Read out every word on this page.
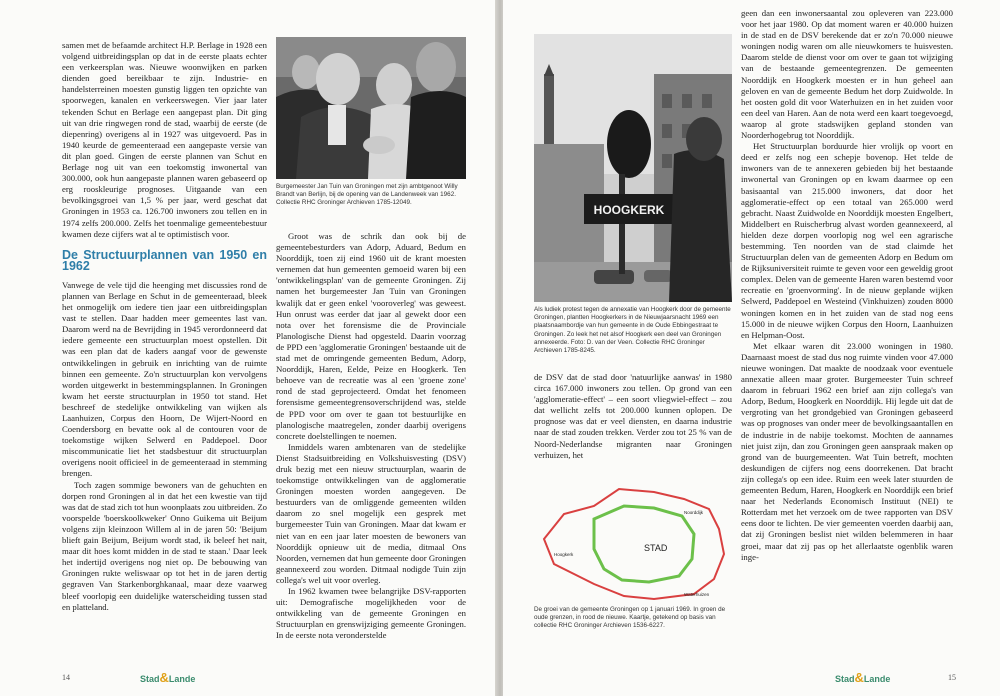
samen met de befaamde architect H.P. Berlage in 1928 een volgend uitbreidingsplan op dat in de eerste plaats echter een verkeersplan was. Nieuwe woonwijken en parken dienden goed bereikbaar te zijn. Industrie- en handelsterreinen moesten gunstig liggen ten opzichte van spoorwegen, kanalen en verkeerswegen. Vier jaar later tekenden Schut en Berlage een aangepast plan. Dit ging uit van drie ringwegen rond de stad, waarbij de eerste (de diepenring) overigens al in 1927 was uitgevoerd. Pas in 1940 keurde de gemeenteraad een aangepaste versie van dit plan goed. Gingen de eerste plannen van Schut en Berlage nog uit van een toekomstig inwonertal van 300.000, ook hun aangepaste plannen waren gebaseerd op erg rooskleurige prognoses. Uitgaande van een bevolkingsgroei van 1,5 % per jaar, werd geschat dat Groningen in 1953 ca. 126.700 inwoners zou tellen en in 1974 zelfs 200.000. Zelfs het toenmalige gemeentebestuur kwamen deze cijfers wat al te optimistisch voor.

De Structuurplannen van 1950 en 1962

Vanwege de vele tijd die heenging met discussies rond de plannen van Berlage en Schut in de gemeenteraad, bleek het onmogelijk om iedere tien jaar een uitbreidingsplan vast te stellen. Daar hadden meer gemeentes last van. Daarom werd na de Bevrijding in 1945 verordonneerd dat iedere gemeente een structuurplan moest opstellen. Dit was een plan dat de kaders aangaf voor de gewenste ontwikkelingen in gebruik en inrichting van de ruimte binnen een gemeente. Zo'n structuurplan kon vervolgens worden uitgewerkt in bestemmingsplannen. In Groningen kwam het eerste structuurplan in 1950 tot stand. Het beschreef de stedelijke ontwikkeling van wijken als Laanhuizen, Corpus den Hoorn, De Wijert-Noord en Coendersborg en bevatte ook al de contouren voor de toekomstige wijken Selwerd en Paddepoel. Door miscommunicatie liet het stadsbestuur dit structuurplan overigens nooit officieel in de gemeenteraad in stemming brengen.

Toch zagen sommige bewoners van de gehuchten en dorpen rond Groningen al in dat het een kwestie van tijd was dat de stad zich tot hun woonplaats zou uitbreiden. Zo voorspelde 'boerskoolkweker' Onno Guikema uit Beijum volgens zijn kleinzoon Willem al in de jaren 50: 'Beijum blieft gain Beijum, Beijum wordt stad, ik beleef het nait, maar dit hoes komt midden in de stad te staan.' Daar leek het indertijd overigens nog niet op. De bebouwing van Groningen rukte weliswaar op tot het in de jaren dertig gegraven Van Starkenborghkanaal, maar deze vaarweg bleef voorlopig een duidelijke waterscheiding tussen stad en platteland.

Burgemeester Jan Tuin van Groningen met zijn ambtgenoot Willy Brandt van Berlijn, bij de opening van de Landenweek van 1962. Collectie RHC Groninger Archieven 1785-12049.

Groot was de schrik dan ook bij de gemeentebesturders van Adorp, Aduard, Bedum en Noorddijk, toen zij eind 1960 uit de krant moesten vernemen dat hun gemeenten gemoeid waren bij een 'ontwikkelingsplan' van de gemeente Groningen. Zij namen het burgemeester Jan Tuin van Groningen kwalijk dat er geen enkel 'vooroverleg' was geweest. Hun onrust was eerder dat jaar al gewekt door een nota over het forensisme die de Provinciale Planologische Dienst had opgesteld. Daarin voorzag de PPD een 'agglomeratie Groningen' bestaande uit de stad met de omringende gemeenten Bedum, Adorp, Noorddijk, Haren, Eelde, Peize en Hoogkerk. Ten behoeve van de recreatie was al een 'groene zone' rond de stad geprojecteerd. Omdat het fenomeen forensisme gemeentegrensoverschrijdend was, stelde de PPD voor om over te gaan tot bestuurlijke en planologische maatregelen, zonder daarbij overigens concrete doelstellingen te noemen.

Inmiddels waren ambtenaren van de stedelijke Dienst Stadsuitbreiding en Volkshuisvesting (DSV) druk bezig met een nieuw structuurplan, waarin de toekomstige ontwikkelingen van de agglomeratie Groningen moesten worden aangegeven. De bestuurders van de omliggende gemeenten wilden daarom zo snel mogelijk een gesprek met burgemeester Tuin van Groningen. Maar dat kwam er niet van en een jaar later moesten de bewoners van Noorddijk opnieuw uit de media, ditmaal Ons Noorden, vernemen dat hun gemeente door Groningen geannexeerd zou worden. Ditmaal nodigde Tuin zijn collega's wel uit voor overleg.

In 1962 kwamen twee belangrijke DSV-rapporten uit: Demografische mogelijkheden voor de ontwikkeling van de gemeente Groningen en Structuurplan en grenswijziging gemeente Groningen. In de eerste nota veronderstelde

14	Stad&Lande
HOOGKERK
Als ludiek protest tegen de annexatie van Hoogkerk door de gemeente Groningen, plantten Hoogkerkers in de Nieuwjaarsnacht 1969 een plaatsnaambordje van hun gemeente in de Oude Ebbingestraat te Groningen. Zo leek het net alsof Hoogkerk een deel van Groningen annexeerde. Foto: D. van der Veen. Collectie RHC Groninger Archieven 1785-8245.

de DSV dat de stad door 'natuurlijke aanwas' in 1980 circa 167.000 inwoners zou tellen. Op grond van een 'agglomeratie-effect' – een soort vliegwiel-effect – zou dat wellicht zelfs tot 200.000 kunnen oplopen. De prognose was dat er veel diensten, en daarna industrie naar de stad zouden trekken. Verder zou tot 25 % van de Noord-Nederlandse migranten naar Groningen verhuizen, het

STAD
Hoogkerk
Noorddijk
Waterhuizen
De groei van de gemeente Groningen op 1 januari 1969. In groen de oude grenzen, in rood de nieuwe. Kaartje, getekend op basis van collectie RHC Groninger Archieven 1536-6227.

geen dan een inwonersaantal zou opleveren van 223.000 voor het jaar 1980. Op dat moment waren er 40.000 huizen in de stad en de DSV berekende dat er zo'n 70.000 nieuwe woningen nodig waren om alle nieuwkomers te huisvesten. Daarom stelde de dienst voor om over te gaan tot wijziging van de bestaande gemeentegrenzen. De gemeenten Noorddijk en Hoogkerk moesten er in hun geheel aan geloven en van de gemeente Bedum het dorp Zuidwolde. In het oosten gold dit voor Waterhuizen en in het zuiden voor een deel van Haren. Aan de nota werd een kaart toegevoegd, waarop al grote stadswijken gepland stonden van Noorderhogebrug tot Noorddijk.

Het Structuurplan borduurde hier vrolijk op voort en deed er zelfs nog een schepje bovenop. Het telde de inwoners van de te annexeren gebieden bij het bestaande inwonertal van Groningen op en kwam daarmee op een basisaantal van 215.000 inwoners, dat door het agglomeratie-effect op een totaal van 265.000 werd gebracht. Naast Zuidwolde en Noorddijk moesten Engelbert, Middelbert en Ruischerbrug alvast worden geannexeerd, al hielden deze dorpen voorlopig nog wel een agrarische bestemming. Ten noorden van de stad claimde het Structuurplan delen van de gemeenten Adorp en Bedum om de Rijksuniversiteit ruimte te geven voor een geweldig groot complex. Delen van de gemeente Haren waren bestemd voor recreatie en 'groenvorming'. In de nieuw geplande wijken Selwerd, Paddepoel en Westeind (Vinkhuizen) zouden 8000 woningen komen en in het zuiden van de stad nog eens 15.000 in de nieuwe wijken Corpus den Hoorn, Laanhuizen en Helpman-Oost.

Met elkaar waren dit 23.000 woningen in 1980. Daarnaast moest de stad dus nog ruimte vinden voor 47.000 nieuwe woningen. Dat maakte de noodzaak voor eventuele annexatie alleen maar groter. Burgemeester Tuin schreef daarom in februari 1962 een brief aan zijn collega's van Adorp, Bedum, Hoogkerk en Noorddijk. Hij legde uit dat de vergroting van het grondgebied van Groningen gebaseerd was op prognoses van onder meer de bevolkingsaantallen en de industrie in de nabije toekomst. Mochten de aannames niet juist zijn, dan zou Groningen geen aanspraak maken op grond van de buurgemeenten. Wat Tuin betreft, mochten deskundigen de cijfers nog eens doorrekenen. Dat bracht zijn collega's op een idee. Ruim een week later stuurden de gemeenten Bedum, Haren, Hoogkerk en Noorddijk een brief naar het Nederlands Economisch Instituut (NEI) te Rotterdam met het verzoek om de twee rapporten van DSV eens door te lichten. De vier gemeenten voerden daarbij aan, dat zij Groningen beslist niet wilden belemmeren in haar groei, maar dat zij pas op het allerlaatste ogenblik waren inge-

Stad&Lande	15
